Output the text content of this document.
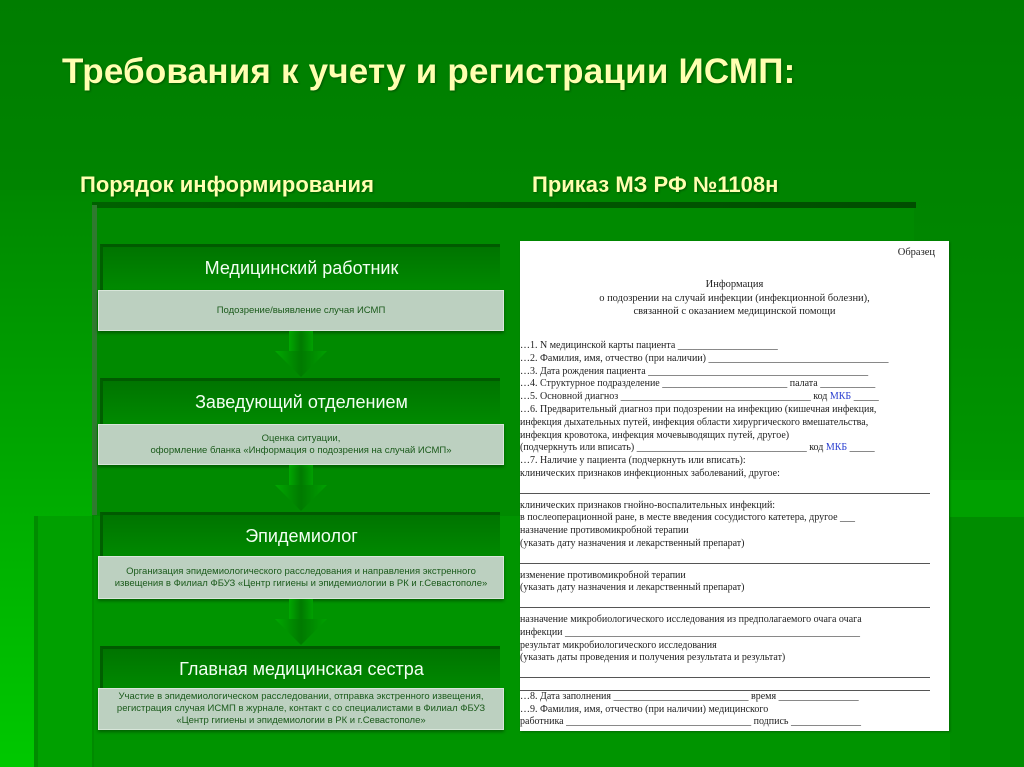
Требования к учету и регистрации ИСМП:
Порядок информирования	Приказ МЗ РФ №1108н
Медицинский работник
Подозрение/выявление случая ИСМП
Заведующий отделением
Оценка ситуации,
оформление бланка «Информация о подозрения на случай ИСМП»
Эпидемиолог
Организация эпидемиологического расследования и направления экстренного извещения в Филиал ФБУЗ «Центр гигиены и эпидемиологии в РК и г.Севастополе»
Главная медицинская сестра
Участие в эпидемиологическом расследовании, отправка экстренного извещения, регистрация случая ИСМП в журнале, контакт с со специалистами в Филиал ФБУЗ «Центр гигиены и эпидемиологии в РК и г.Севастополе»
Образец
Информация
о подозрении на случай инфекции (инфекционной болезни),
связанной с оказанием медицинской помощи
…1. N медицинской карты пациента ____________________
…2. Фамилия, имя, отчество (при наличии) ____________________________________
…3. Дата рождения пациента ____________________________________________
…4. Структурное подразделение _________________________ палата ___________
…5. Основной диагноз ______________________________________ код МКБ _____
…6. Предварительный диагноз при подозрении на инфекцию (кишечная инфекция,
инфекция дыхательных путей, инфекция области хирургического вмешательства,
инфекция кровотока, инфекция мочевыводящих путей, другое)
(подчеркнуть или вписать) __________________________________ код МКБ _____
…7. Наличие у пациента (подчеркнуть или вписать):
клинических признаков инфекционных заболеваний, другое:
клинических признаков гнойно-воспалительных инфекций:
в послеоперационной ране, в месте введения сосудистого катетера, другое ___
назначение противомикробной терапии
(указать дату назначения и лекарственный препарат)
изменение противомикробной терапии
(указать дату назначения и лекарственный препарат)
назначение микробиологического исследования из предполагаемого очага очага
инфекции ___________________________________________________________
результат микробиологического исследования
(указать даты проведения и получения результата и результат)
…8. Дата заполнения ___________________________ время ________________
…9. Фамилия, имя, отчество (при наличии) медицинского
работника _____________________________________ подпись ______________
